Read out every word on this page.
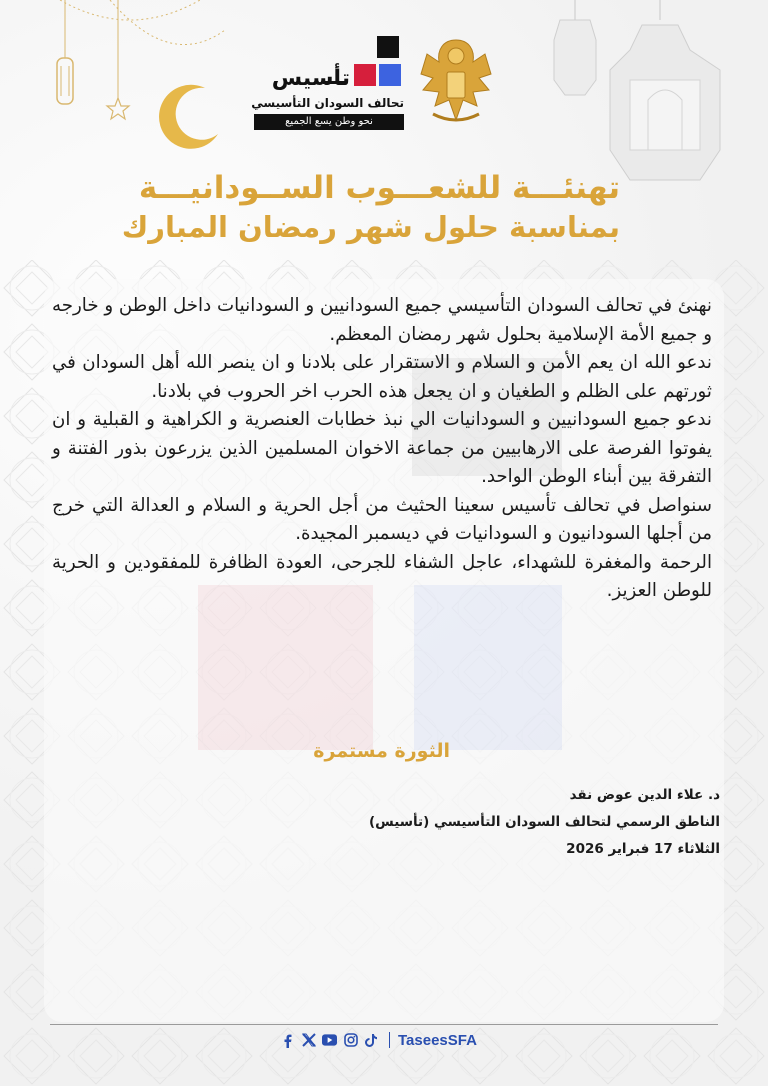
تأسيس
تحالف السودان التأسيسي
نحو وطن يسع الجميع
تهنئـــة للشعـــوب الســودانيـــة
بمناسبة حلول شهر رمضان المبارك

نهنئ في تحالف السودان التأسيسي جميع السودانيين و السودانيات داخل الوطن و خارجه و جميع الأمة الإسلامية بحلول شهر رمضان المعظم.

ندعو الله ان يعم الأمن و السلام و الاستقرار على بلادنا و ان ينصر الله أهل السودان في ثورتهم على الظلم و الطغيان و ان يجعل هذه الحرب اخر الحروب في بلادنا.

ندعو جميع السودانيين و السودانيات الي نبذ خطابات العنصرية و الكراهية و القبلية و ان يفوتوا الفرصة على الارهابيين من جماعة الاخوان المسلمين الذين يزرعون بذور الفتنة و التفرقة بين أبناء الوطن الواحد.

سنواصل في تحالف تأسيس سعينا الحثيث من أجل الحرية و السلام و العدالة التي خرج من أجلها السودانيون و السودانيات في ديسمبر المجيدة.

الرحمة والمغفرة للشهداء، عاجل الشفاء للجرحى، العودة الظافرة للمفقودين و الحرية للوطن العزيز.

الثورة مستمرة
د. علاء الدين عوض نقد
الناطق الرسمي لتحالف السودان التأسيسي (تأسيس)
الثلاثاء 17 فبراير 2026
TaseesSFA
